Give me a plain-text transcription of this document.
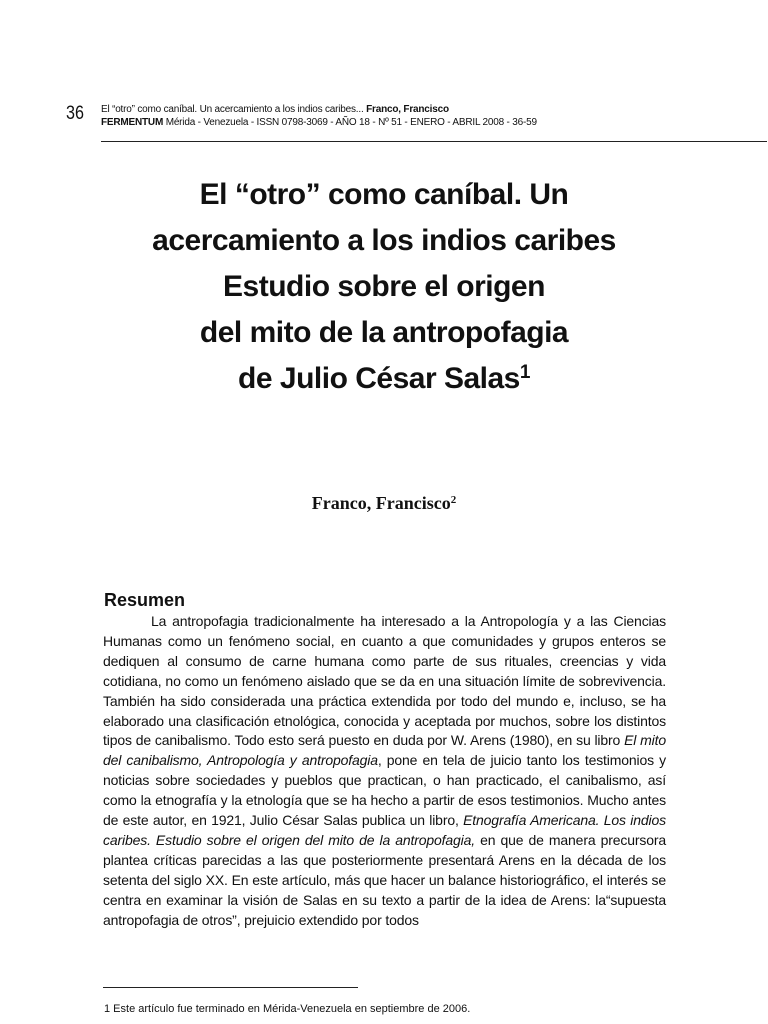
36 El “otro” como caníbal. Un acercamiento a los indios caribes... Franco, Francisco
FERMENTUM Mérida - Venezuela - ISSN 0798-3069 - AÑO 18 - Nº 51 - ENERO - ABRIL 2008 - 36-59
El “otro” como caníbal. Un
acercamiento a los indios caribes
Estudio sobre el origen
del mito de la antropofagia
de Julio César Salas$^1$
Franco, Francisco$^2$
Resumen
La antropofagia tradicionalmente ha interesado a la Antropología y a las Ciencias Humanas como un fenómeno social, en cuanto a que comunidades y grupos enteros se dediquen al consumo de carne humana como parte de sus rituales, creencias y vida cotidiana, no como un fenómeno aislado que se da en una situación límite de sobrevivencia. También ha sido considerada una práctica extendida por todo del mundo e, incluso, se ha elaborado una clasificación etnológica, conocida y aceptada por muchos, sobre los distintos tipos de canibalismo. Todo esto será puesto en duda por W. Arens (1980), en su libro El mito del canibalismo, Antropología y antropofagia, pone en tela de juicio tanto los testimonios y noticias sobre sociedades y pueblos que practican, o han practicado, el canibalismo, así como la etnografía y la etnología que se ha hecho a partir de esos testimonios. Mucho antes de este autor, en 1921, Julio César Salas publica un libro, Etnografía Americana. Los indios caribes. Estudio sobre el origen del mito de la antropofagia, en que de manera precursora plantea críticas parecidas a las que posteriormente presentará Arens en la década de los setenta del siglo XX. En este artículo, más que hacer un balance historiográfico, el interés se centra en examinar la visión de Salas en su texto a partir de la idea de Arens: la“supuesta antropofagia de otros”, prejuicio extendido por todos
1 Este artículo fue terminado en Mérida-Venezuela en septiembre de 2006.
